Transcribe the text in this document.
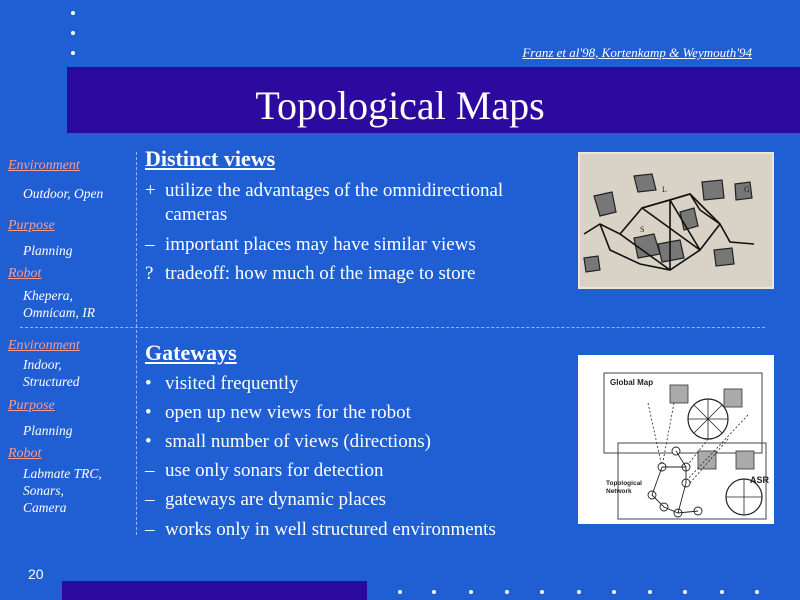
Franz et al'98, Kortenkamp & Weymouth'94
Topological Maps
Environment
Outdoor, Open
Purpose
Planning
Robot
Khepera,
Omnicam, IR
Environment
Indoor,
Structured
Purpose
Planning
Robot
Labmate TRC,
Sonars,
Camera
Distinct views
+ utilize the advantages of the omnidirectional
cameras
– important places may have similar views
? tradeoff: how much of the image to store
Gateways
• visited frequently
• open up new views for the robot
• small number of views (directions)
– use only sonars for detection
– gateways are dynamic places
– works only in well structured environments
L
S
G₁
Global Map
Topological
Network
ASR
20
